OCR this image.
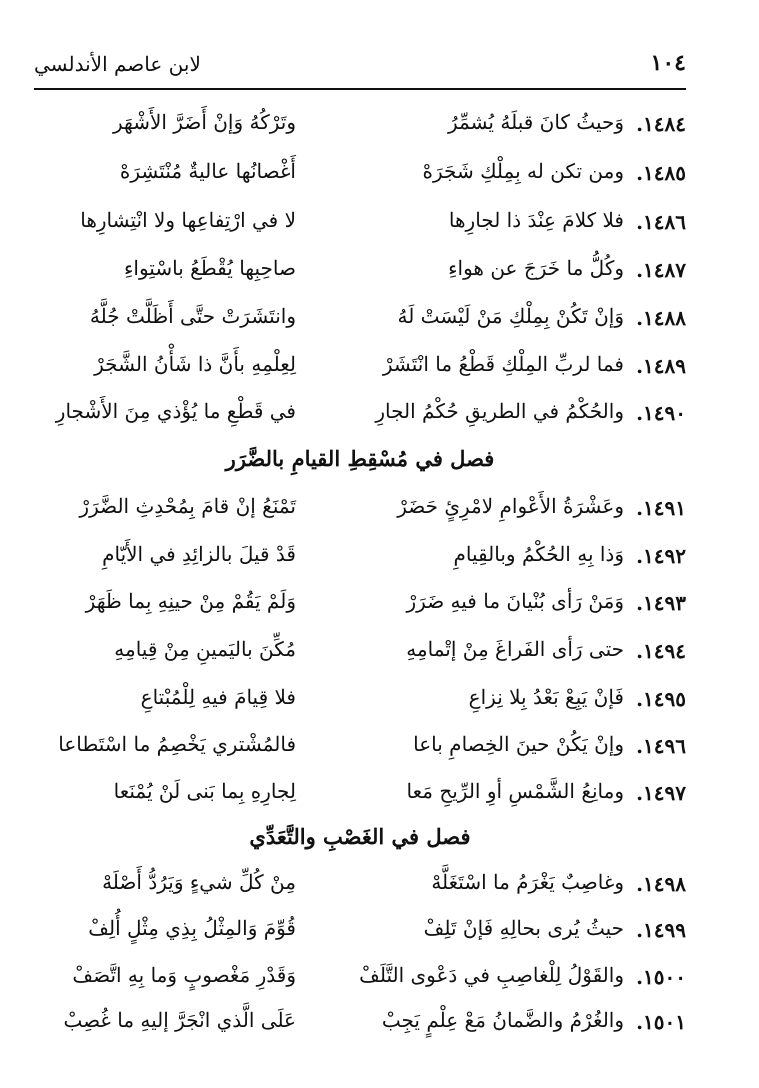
١٠٤
لابن عاصم الأندلسي
١٤٨٤.
وَحيثُ كانَ قبلَهُ يُشمِّرُ
وتَرْكُهُ وَإنْ أَضَرَّ الأَشْهَر
١٤٨٥.
ومن تكن له بِمِلْكِ شَجَرَهْ
أَغْصانُها عاليةٌ مُنْتَشِرَهْ
١٤٨٦.
فلا كلامَ عِنْدَ ذا لجارِها
لا في ارْتِفاعِها ولا انْتِشارِها
١٤٨٧.
وكُلُّ ما خَرَجَ عن هواءِ
صاحِبِها يُقْطَعُ باسْتِواءِ
١٤٨٨.
وَإنْ تَكُنْ بِمِلْكِ مَنْ لَيْسَتْ لَهُ
وانتَشَرَتْ حتَّى أَظَلَّتْ جُلَّهُ
١٤٨٩.
فما لربِّ المِلْكِ قَطْعُ ما انْتَشَرْ
لِعِلْمِهِ بأَنَّ ذا شَأْنُ الشَّجَرْ
١٤٩٠.
والحُكْمُ في الطريقِ حُكْمُ الجارِ
في قَطْعِ ما يُؤْذي مِنَ الأَشْجارِ
فصل في مُسْقِطِ القيامِ بالضَّرَر
١٤٩١.
وعَشْرَةُ الأَعْوامِ لامْرِئٍ حَضَرْ
تَمْنَعُ إنْ قامَ بِمُحْدِثِ الضَّرَرْ
١٤٩٢.
وَذا بِهِ الحُكْمُ وبالقِيامِ
قَدْ قيلَ بالزائِدِ في الأَيّامِ
١٤٩٣.
وَمَنْ رَأى بُنْيانَ ما فيهِ ضَرَرْ
وَلَمْ يَقُمْ مِنْ حينِهِ بِما ظَهَرْ
١٤٩٤.
حتى رَأى الفَراغَ مِنْ إتْمامِهِ
مُكِّنَ باليَمينِ مِنْ قِيامِهِ
١٤٩٥.
فَإنْ يَبِعْ بَعْدُ بِلا نِزاعِ
فلا قِيامَ فيهِ لِلْمُبْتاعِ
١٤٩٦.
وإنْ يَكُنْ حينَ الخِصامِ باعا
فالمُشْتري يَخْصِمُ ما اسْتَطاعا
١٤٩٧.
ومانِعُ الشَّمْسِ أوِ الرِّيحِ مَعا
لِجارِهِ بِما بَنى لَنْ يُمْنَعا
فصل في الغَصْبِ والتَّعَدِّي
١٤٩٨.
وغاصِبٌ يَغْرَمُ ما اسْتَغَلَّهْ
مِنْ كُلِّ شيءٍ وَيَرُدُّ أَصْلَهْ
١٤٩٩.
حيثُ يُرى بحالِهِ فَإنْ تَلِفْ
قُوِّمَ وَالمِثْلُ بِذِي مِثْلٍ أُلِفْ
١٥٠٠.
والقَوْلُ لِلْغاصِبِ في دَعْوى التَّلَفْ
وَقَدْرِ مَغْصوبٍ وَما بِهِ اتَّصَفْ
١٥٠١.
والغُرْمُ والضَّمانُ مَعْ عِلْمٍ يَجِبْ
عَلَى الَّذي انْجَرَّ إليهِ ما غُصِبْ
